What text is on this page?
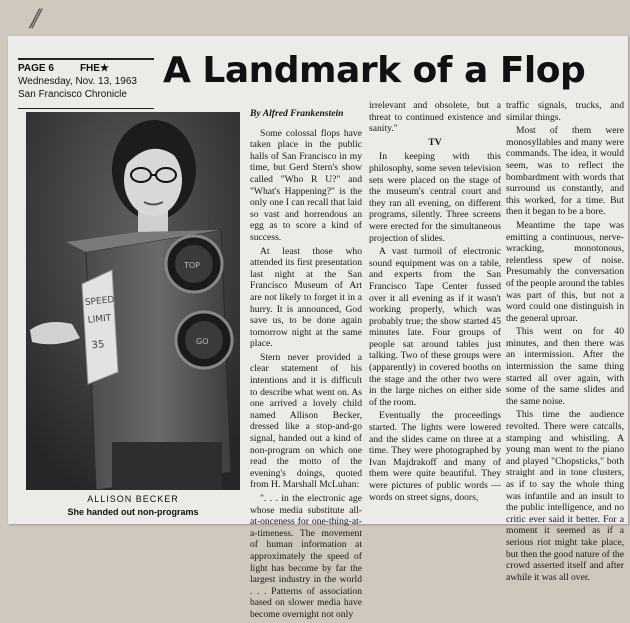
//
PAGE 6	FHE★
Wednesday, Nov. 13, 1963
San Francisco Chronicle
A Landmark of a Flop
SPEED
LIMIT
35
TOP
GO
ALLISON BECKER
She handed out non-programs

By Alfred Frankenstein

Some colossal flops have taken place in the public halls of San Francisco in my time, but Gerd Stern's show called "Who R U?" and "What's Happening?" is the only one I can recall that laid so vast and horrendous an egg as to score a kind of success.

At least those who attended its first presentation last night at the San Francisco Museum of Art are not likely to forget it in a hurry. It is announced, God save us, to be done again tomorrow night at the same place.

Stern never provided a clear statement of his intentions and it is difficult to describe what went on. As one arrived a lovely child named Allison Becker, dressed like a stop-and-go signal, handed out a kind of non-program on which one read the motto of the evening's doings, quoted from H. Marshall McLuhan:

". . . in the electronic age whose media substitute all-at-onceness for one-thing-at-a-timeness. The movement of human information at approximately the speed of light has become by far the largest industry in the world . . . Patterns of association based on slower media have become overnight not only

irrelevant and obsolete, but a threat to continued existence and sanity."

TV

In keeping with this philosophy, some seven television sets were placed on the stage of the museum's central court and they ran all evening, on different programs, silently. Three screens were erected for the simultaneous projection of slides.

A vast turmoil of electronic sound equipment was on a table, and experts from the San Francisco Tape Center fussed over it all evening as if it wasn't working properly, which was probably true; the show started 45 minutes late. Four groups of people sat around tables just talking. Two of these groups were (apparently) in covered booths on the stage and the other two were in the large niches on either side of the room.

Eventually the proceedings started. The lights were lowered and the slides came on three at a time. They were photographed by Ivan Majdrakoff and many of them were quite beautiful. They were pictures of public words —words on street signs, doors,

traffic signals, trucks, and similar things.

Most of them were monosyllables and many were commands. The idea, it would seem, was to reflect the bombardment with words that surround us constantly, and this worked, for a time. But then it began to be a bore.

Meantime the tape was emitting a continuous, nerve-wracking, monotonous, relentless spew of noise. Presumably the conversation of the people around the tables was part of this, but not a word could one distinguish in the general uproar.

This went on for 40 minutes, and then there was an intermission. After the intermission the same thing started all over again, with some of the same slides and the same noise.

This time the audience revolted. There were catcalls, stamping and whistling. A young man went to the piano and played "Chopsticks," both straight and in tone clusters, as if to say the whole thing was infantile and an insult to the public intelligence, and no critic ever said it better. For a moment it seemed as if a serious riot might take place, but then the good nature of the crowd asserted itself and after awhile it was all over.
